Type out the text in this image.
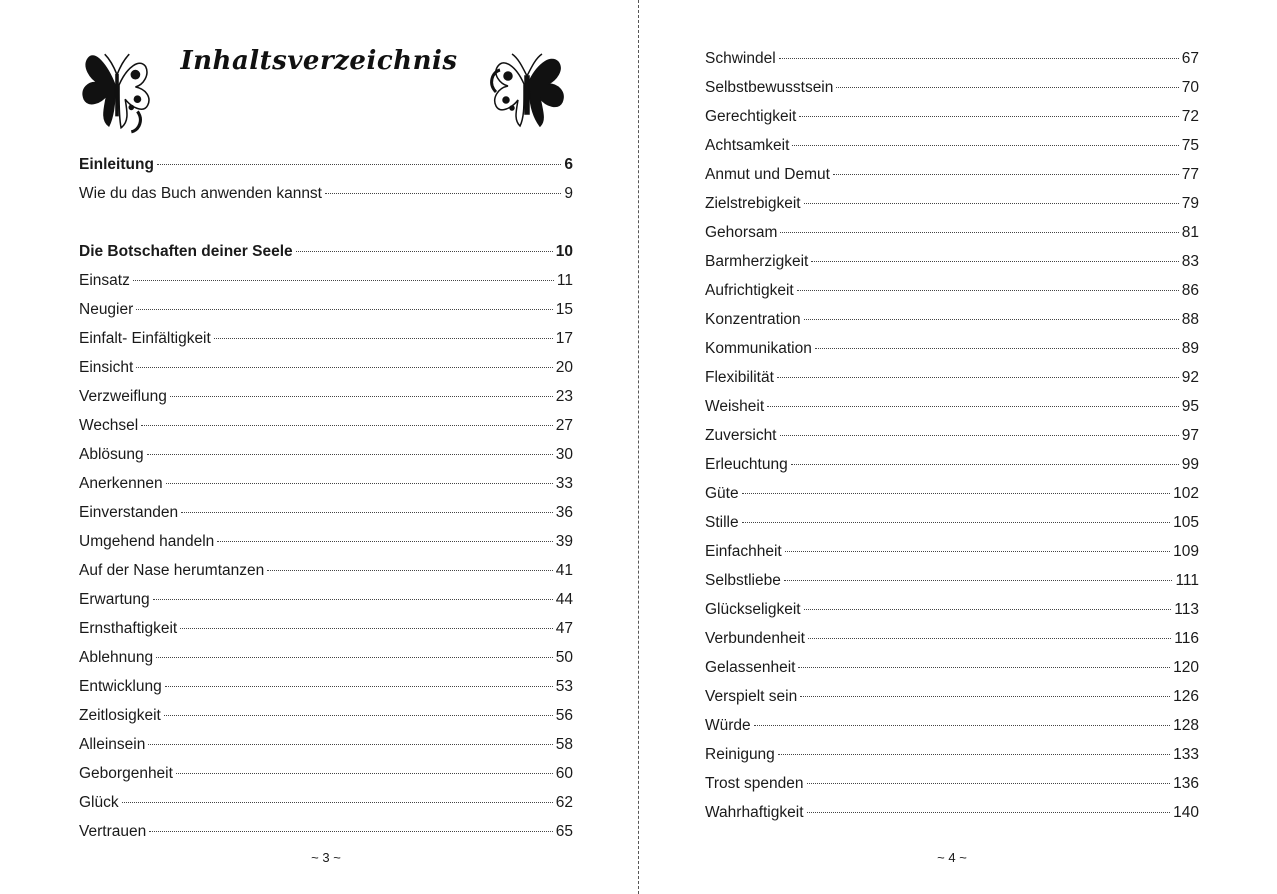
Inhaltsverzeichnis
Einleitung	6
Wie du das Buch anwenden kannst	9
Die Botschaften deiner Seele	10
Einsatz	11
Neugier	15
Einfalt- Einfältigkeit	17
Einsicht	20
Verzweiflung	23
Wechsel	27
Ablösung	30
Anerkennen	33
Einverstanden	36
Umgehend handeln	39
Auf der Nase herumtanzen	41
Erwartung	44
Ernsthaftigkeit	47
Ablehnung	50
Entwicklung	53
Zeitlosigkeit	56
Alleinsein	58
Geborgenheit	60
Glück	62
Vertrauen	65
~ 3 ~
Schwindel	67
Selbstbewusstsein	70
Gerechtigkeit	72
Achtsamkeit	75
Anmut und Demut	77
Zielstrebigkeit	79
Gehorsam	81
Barmherzigkeit	83
Aufrichtigkeit	86
Konzentration	88
Kommunikation	89
Flexibilität	92
Weisheit	95
Zuversicht	97
Erleuchtung	99
Güte	102
Stille	105
Einfachheit	109
Selbstliebe	111
Glückseligkeit	113
Verbundenheit	116
Gelassenheit	120
Verspielt sein	126
Würde	128
Reinigung	133
Trost spenden	136
Wahrhaftigkeit	140
~ 4 ~
